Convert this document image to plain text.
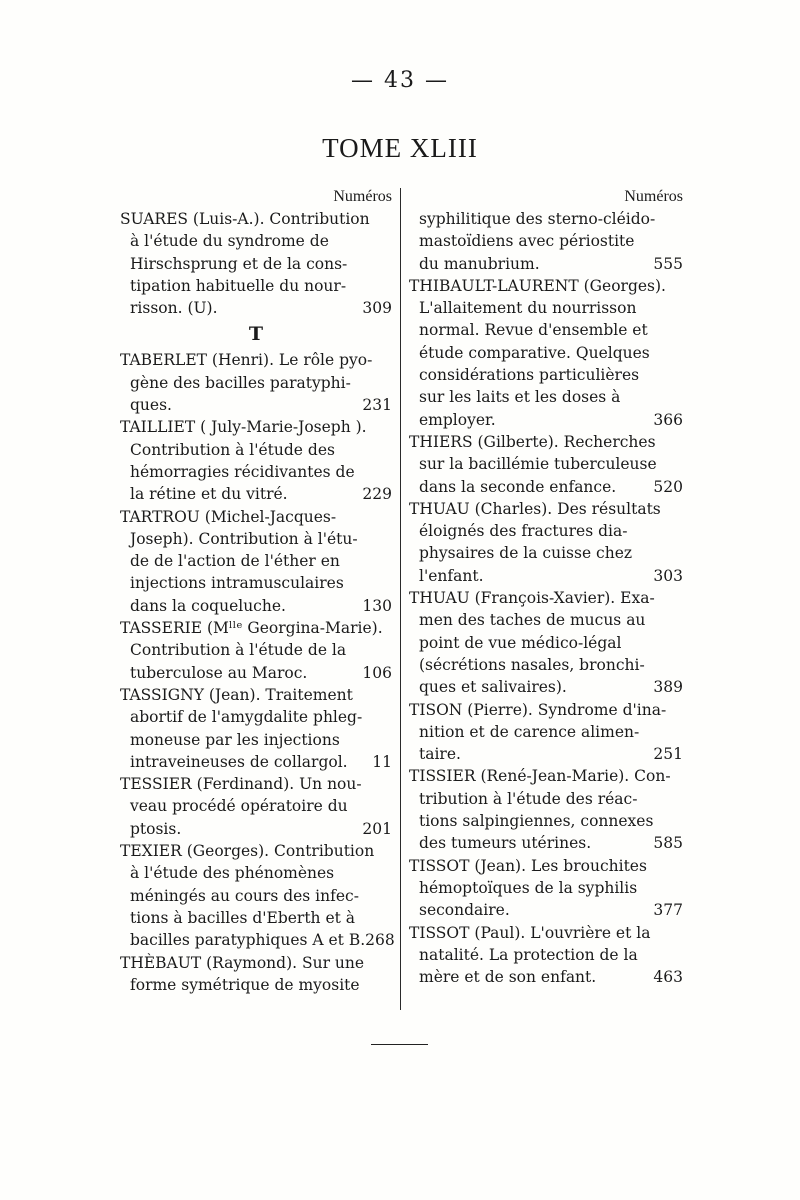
— 43 —
TOME XLIII
Numéros
SUARES (Luis-A.). Contribution
à l'étude du syndrome de
Hirschsprung et de la cons-
tipation habituelle du nour-
risson. (U).	309
T
TABERLET (Henri). Le rôle pyo-
gène des bacilles paratyphi-
ques.	231
TAILLIET ( July-Marie-Joseph ).
Contribution à l'étude des
hémorragies récidivantes de
la rétine et du vitré.	229
TARTROU (Michel-Jacques-
Joseph). Contribution à l'étu-
de de l'action de l'éther en
injections intramusculaires
dans la coqueluche.	130
TASSERIE (Mˡˡᵉ Georgina-Marie).
Contribution à l'étude de la
tuberculose au Maroc.	106
TASSIGNY (Jean). Traitement
abortif de l'amygdalite phleg-
moneuse par les injections
intraveineuses de collargol. 11
TESSIER (Ferdinand). Un nou-
veau procédé opératoire du
ptosis.	201
TEXIER (Georges). Contribution
à l'étude des phénomènes
méningés au cours des infec-
tions à bacilles d'Eberth et à
bacilles paratyphiques A et B. 268
THÈBAUT (Raymond). Sur une
forme symétrique de myosite
Numéros
syphilitique des sterno-cléido-
mastoïdiens avec périostite
du manubrium.	555
THIBAULT-LAURENT (Georges).
L'allaitement du nourrisson
normal. Revue d'ensemble et
étude comparative. Quelques
considérations particulières
sur les laits et les doses à
employer.	366
THIERS (Gilberte). Recherches
sur la bacillémie tuberculeuse
dans la seconde enfance. 520
THUAU (Charles). Des résultats
éloignés des fractures dia-
physaires de la cuisse chez
l'enfant.	303
THUAU (François-Xavier). Exa-
men des taches de mucus au
point de vue médico-légal
(sécrétions nasales, bronchi-
ques et salivaires).	389
TISON (Pierre). Syndrome d'ina-
nition et de carence alimen-
taire.	251
TISSIER (René-Jean-Marie). Con-
tribution à l'étude des réac-
tions salpingiennes, connexes
des tumeurs utérines.	585
TISSOT (Jean). Les brouchites
hémoptoïques de la syphilis
secondaire.	377
TISSOT (Paul). L'ouvrière et la
natalité. La protection de la
mère et de son enfant.	463
